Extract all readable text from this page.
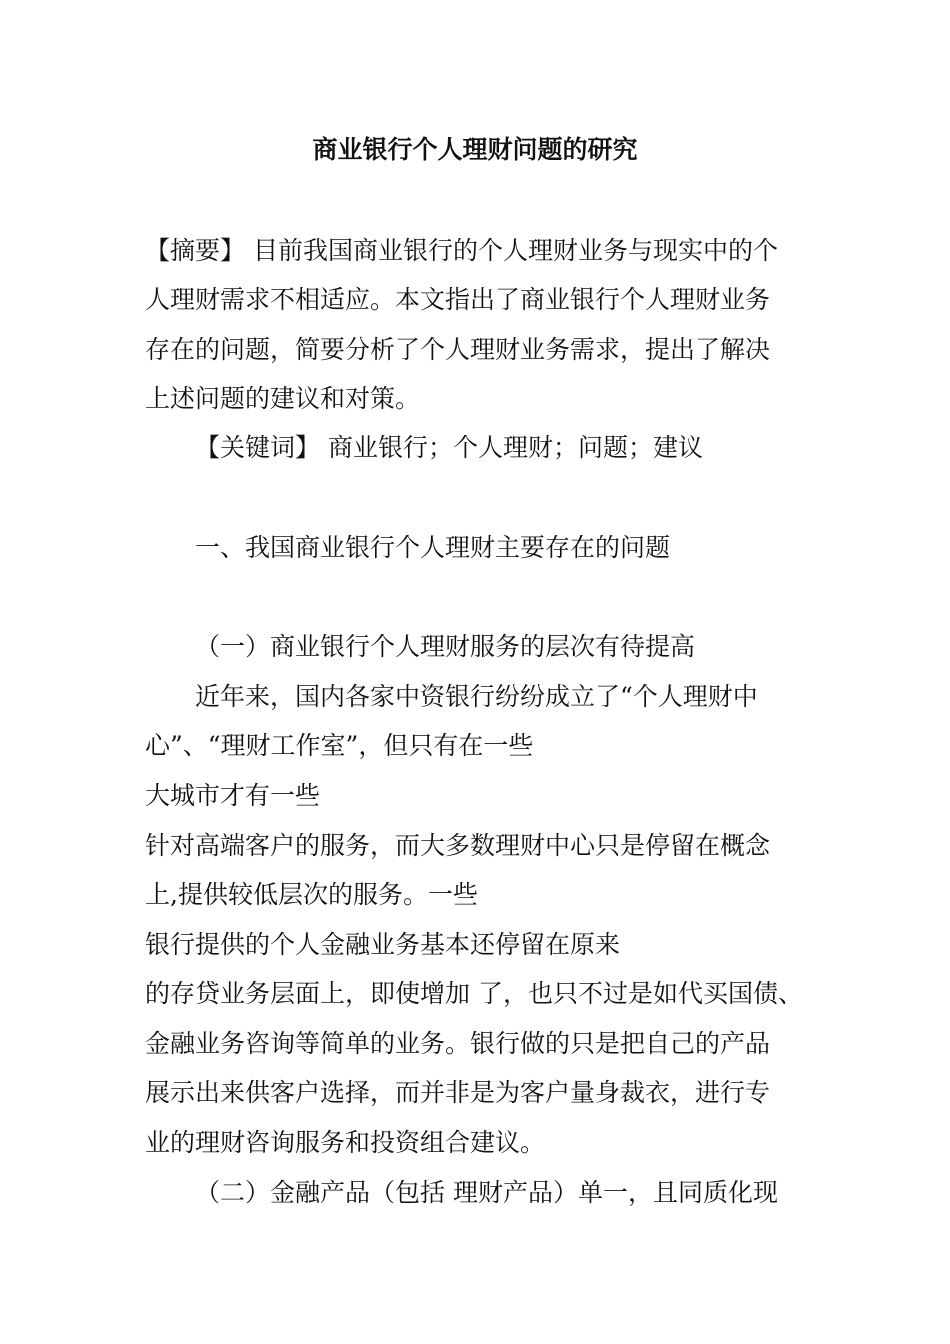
商业银行个人理财问题的研究
【摘要】 目前我国商业银行的个人理财业务与现实中的个
人理财需求不相适应。本文指出了商业银行个人理财业务
存在的问题，简要分析了个人理财业务需求，提出了解决
上述问题的建议和对策。
【关键词】 商业银行；个人理财；问题；建议
一、我国商业银行个人理财主要存在的问题
（一）商业银行个人理财服务的层次有待提高
近年来，国内各家中资银行纷纷成立了“个人理财中
心”、“理财工作室”，但只有在一些
大城市才有一些
针对高端客户的服务，而大多数理财中心只是停留在概念
上,提供较低层次的服务。一些
银行提供的个人金融业务基本还停留在原来
的存贷业务层面上，即使增加 了，也只不过是如代买国债、
金融业务咨询等简单的业务。银行做的只是把自己的产品
展示出来供客户选择，而并非是为客户量身裁衣，进行专
业的理财咨询服务和投资组合建议。
（二）金融产品（包括 理财产品）单一，且同质化现
